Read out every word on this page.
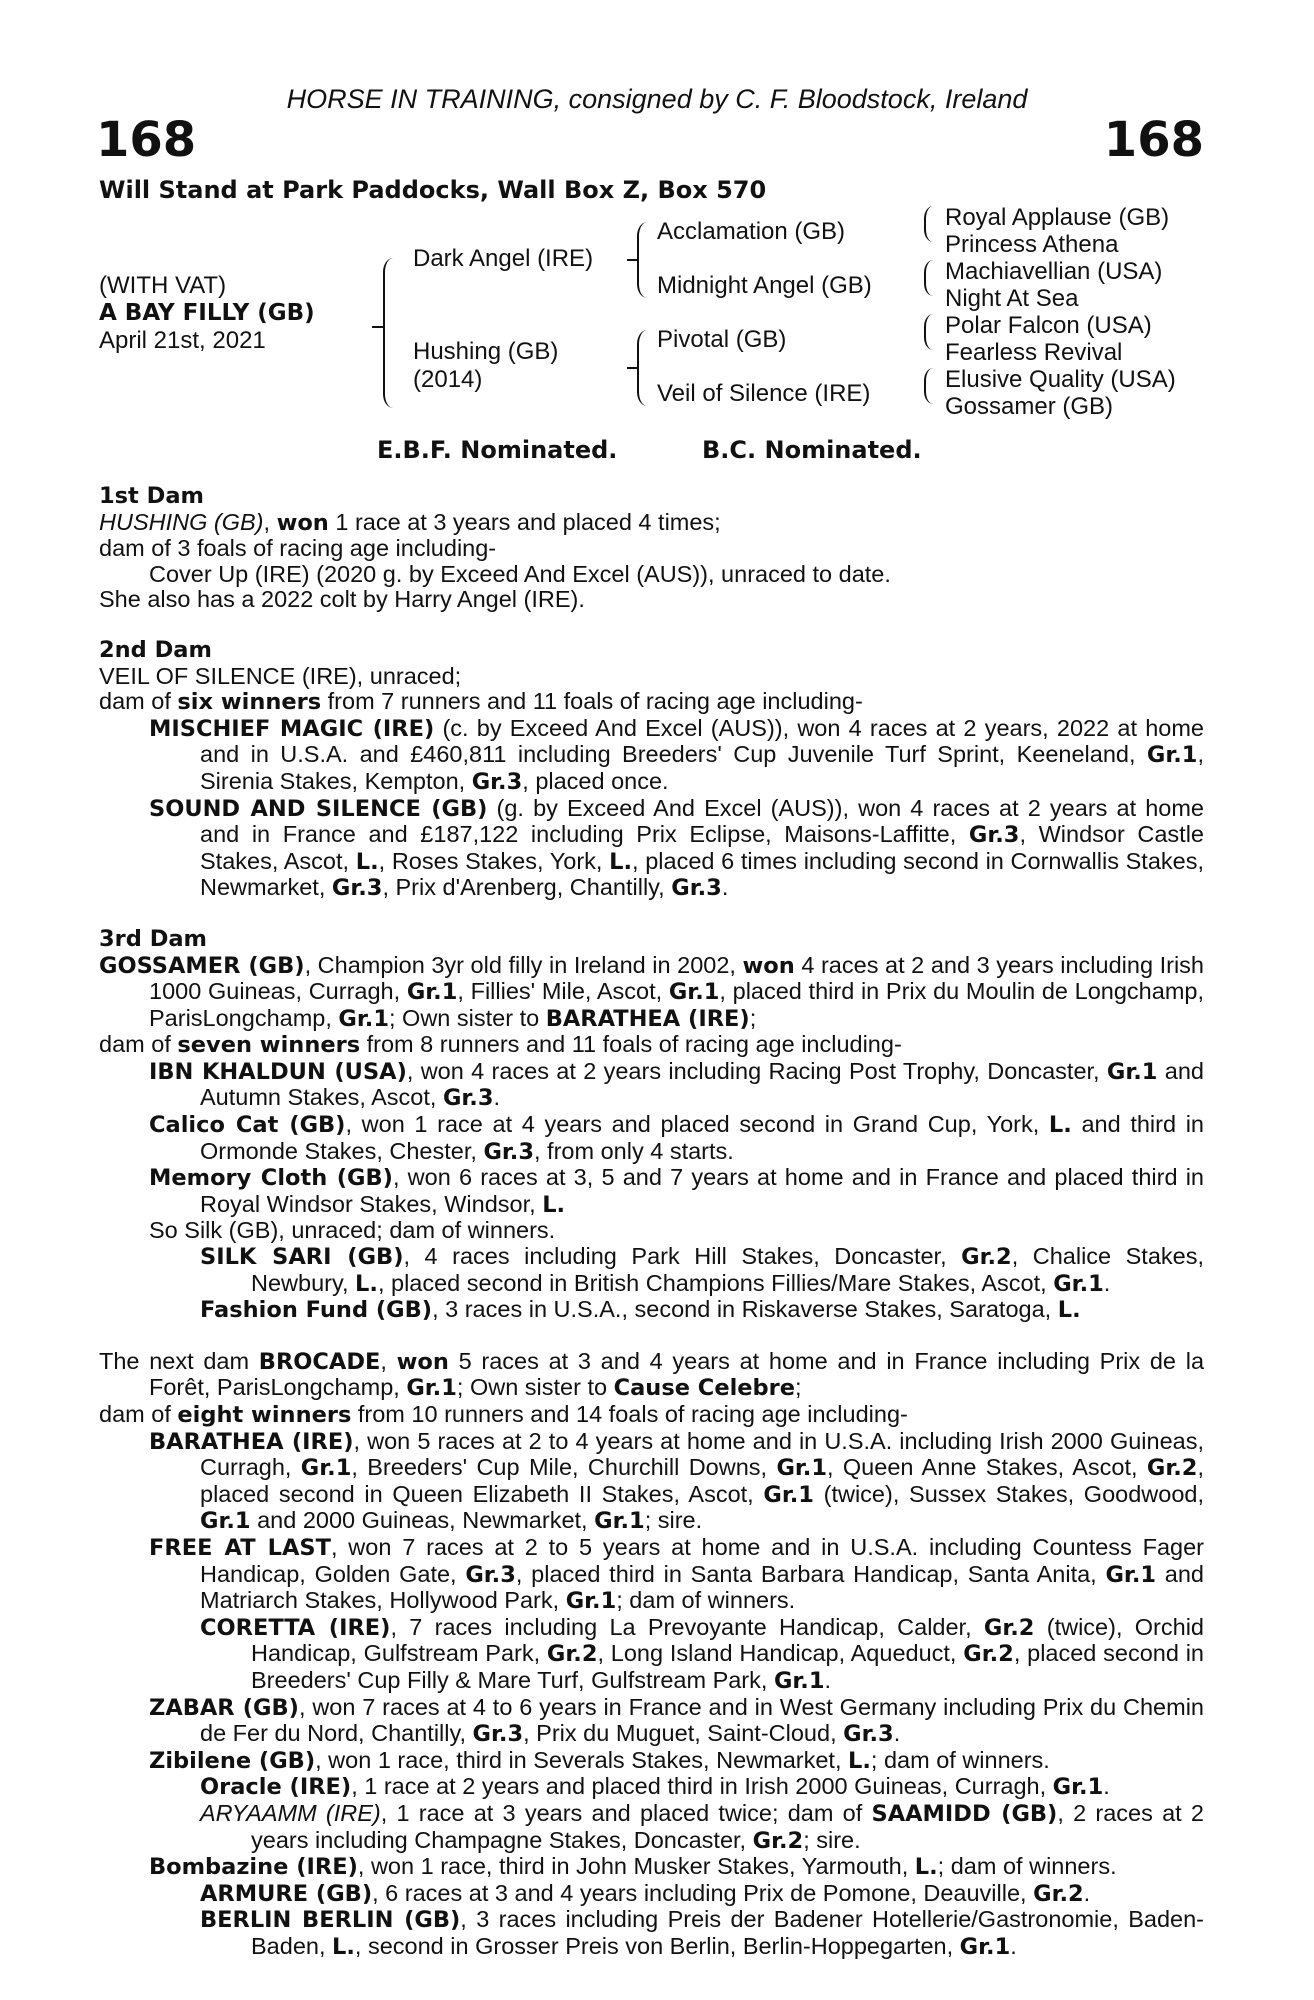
HORSE IN TRAINING, consigned by C. F. Bloodstock, Ireland
168	168
Will Stand at Park Paddocks, Wall Box Z, Box 570
(WITH VAT)
A BAY FILLY (GB)
April 21st, 2021
Dark Angel (IRE)
Hushing (GB)
(2014)
Acclamation (GB)
Midnight Angel (GB)
Pivotal (GB)
Veil of Silence (IRE)
Royal Applause (GB)
Princess Athena
Machiavellian (USA)
Night At Sea
Polar Falcon (USA)
Fearless Revival
Elusive Quality (USA)
Gossamer (GB)
E.B.F. Nominated.	B.C. Nominated.

1st Dam

HUSHING (GB), won 1 race at 3 years and placed 4 times;

dam of 3 foals of racing age including-

Cover Up (IRE) (2020 g. by Exceed And Excel (AUS)), unraced to date.

She also has a 2022 colt by Harry Angel (IRE).

2nd Dam

VEIL OF SILENCE (IRE), unraced;

dam of six winners from 7 runners and 11 foals of racing age including-

MISCHIEF MAGIC (IRE) (c. by Exceed And Excel (AUS)), won 4 races at 2 years, 2022 at home and in U.S.A. and £460,811 including Breeders' Cup Juvenile Turf Sprint, Keeneland, Gr.1, Sirenia Stakes, Kempton, Gr.3, placed once.

SOUND AND SILENCE (GB) (g. by Exceed And Excel (AUS)), won 4 races at 2 years at home and in France and £187,122 including Prix Eclipse, Maisons-Laffitte, Gr.3, Windsor Castle Stakes, Ascot, L., Roses Stakes, York, L., placed 6 times including second in Cornwallis Stakes, Newmarket, Gr.3, Prix d'Arenberg, Chantilly, Gr.3.

3rd Dam

GOSSAMER (GB), Champion 3yr old filly in Ireland in 2002, won 4 races at 2 and 3 years including Irish 1000 Guineas, Curragh, Gr.1, Fillies' Mile, Ascot, Gr.1, placed third in Prix du Moulin de Longchamp, ParisLongchamp, Gr.1; Own sister to BARATHEA (IRE);

dam of seven winners from 8 runners and 11 foals of racing age including-

IBN KHALDUN (USA), won 4 races at 2 years including Racing Post Trophy, Doncaster, Gr.1 and Autumn Stakes, Ascot, Gr.3.

Calico Cat (GB), won 1 race at 4 years and placed second in Grand Cup, York, L. and third in Ormonde Stakes, Chester, Gr.3, from only 4 starts.

Memory Cloth (GB), won 6 races at 3, 5 and 7 years at home and in France and placed third in Royal Windsor Stakes, Windsor, L.

So Silk (GB), unraced; dam of winners.

SILK SARI (GB), 4 races including Park Hill Stakes, Doncaster, Gr.2, Chalice Stakes, Newbury, L., placed second in British Champions Fillies/Mare Stakes, Ascot, Gr.1.

Fashion Fund (GB), 3 races in U.S.A., second in Riskaverse Stakes, Saratoga, L.

The next dam BROCADE, won 5 races at 3 and 4 years at home and in France including Prix de la Forêt, ParisLongchamp, Gr.1; Own sister to Cause Celebre;

dam of eight winners from 10 runners and 14 foals of racing age including-

BARATHEA (IRE), won 5 races at 2 to 4 years at home and in U.S.A. including Irish 2000 Guineas, Curragh, Gr.1, Breeders' Cup Mile, Churchill Downs, Gr.1, Queen Anne Stakes, Ascot, Gr.2, placed second in Queen Elizabeth II Stakes, Ascot, Gr.1 (twice), Sussex Stakes, Goodwood, Gr.1 and 2000 Guineas, Newmarket, Gr.1; sire.

FREE AT LAST, won 7 races at 2 to 5 years at home and in U.S.A. including Countess Fager Handicap, Golden Gate, Gr.3, placed third in Santa Barbara Handicap, Santa Anita, Gr.1 and Matriarch Stakes, Hollywood Park, Gr.1; dam of winners.

CORETTA (IRE), 7 races including La Prevoyante Handicap, Calder, Gr.2 (twice), Orchid Handicap, Gulfstream Park, Gr.2, Long Island Handicap, Aqueduct, Gr.2, placed second in Breeders' Cup Filly & Mare Turf, Gulfstream Park, Gr.1.

ZABAR (GB), won 7 races at 4 to 6 years in France and in West Germany including Prix du Chemin de Fer du Nord, Chantilly, Gr.3, Prix du Muguet, Saint-Cloud, Gr.3.

Zibilene (GB), won 1 race, third in Severals Stakes, Newmarket, L.; dam of winners.

Oracle (IRE), 1 race at 2 years and placed third in Irish 2000 Guineas, Curragh, Gr.1.

ARYAAMM (IRE), 1 race at 3 years and placed twice; dam of SAAMIDD (GB), 2 races at 2 years including Champagne Stakes, Doncaster, Gr.2; sire.

Bombazine (IRE), won 1 race, third in John Musker Stakes, Yarmouth, L.; dam of winners.

ARMURE (GB), 6 races at 3 and 4 years including Prix de Pomone, Deauville, Gr.2.

BERLIN BERLIN (GB), 3 races including Preis der Badener Hotellerie/Gastronomie, Baden-Baden, L., second in Grosser Preis von Berlin, Berlin-Hoppegarten, Gr.1.
